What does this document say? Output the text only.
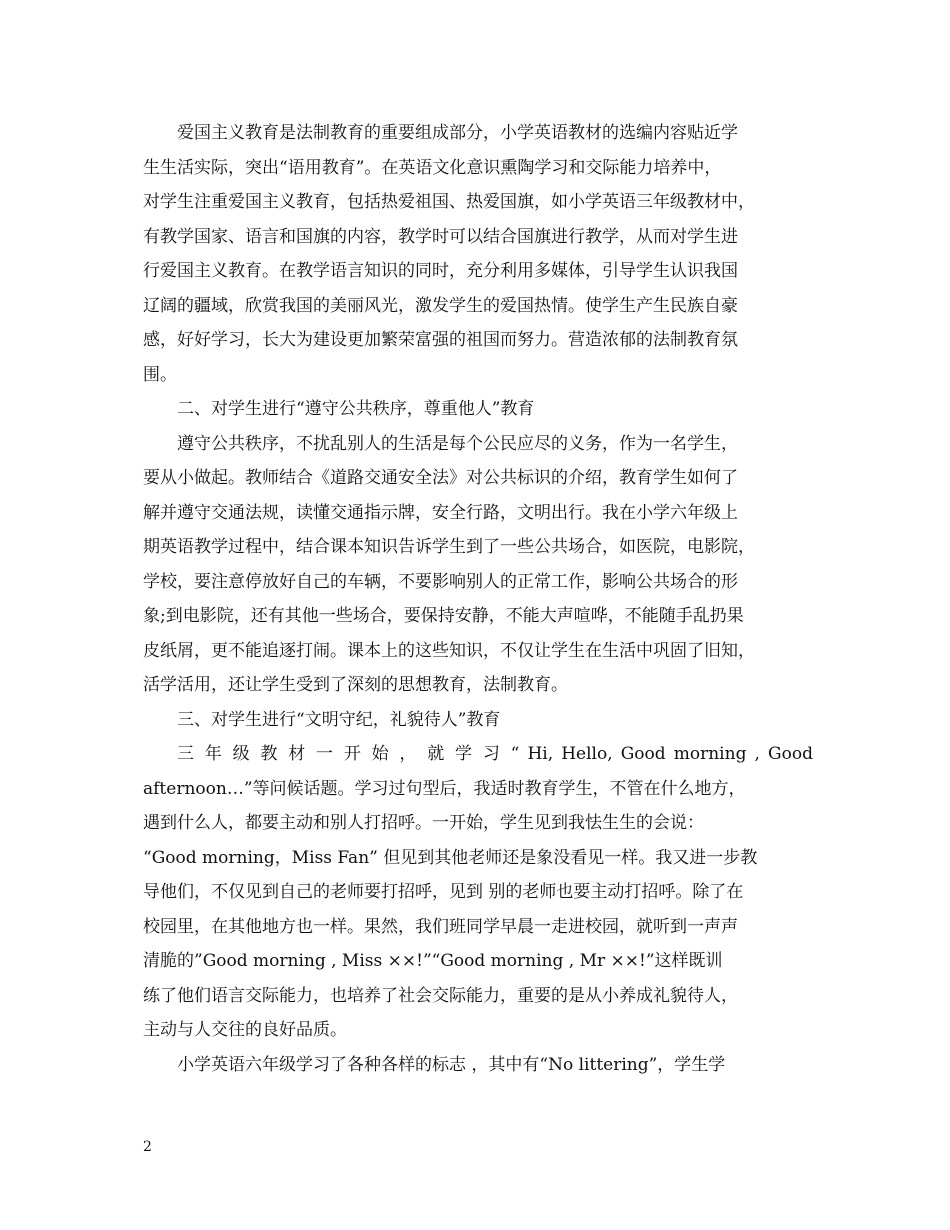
爱国主义教育是法制教育的重要组成部分，小学英语教材的选编内容贴近学
生生活实际，突出“语用教育”。在英语文化意识熏陶学习和交际能力培养中，
对学生注重爱国主义教育，包括热爱祖国、热爱国旗，如小学英语三年级教材中，
有教学国家、语言和国旗的内容，教学时可以结合国旗进行教学，从而对学生进
行爱国主义教育。在教学语言知识的同时，充分利用多媒体，引导学生认识我国
辽阔的疆域，欣赏我国的美丽风光，激发学生的爱国热情。使学生产生民族自豪
感，好好学习，长大为建设更加繁荣富强的祖国而努力。营造浓郁的法制教育氛
围。
二、对学生进行“遵守公共秩序，尊重他人”教育
遵守公共秩序，不扰乱别人的生活是每个公民应尽的义务，作为一名学生，
要从小做起。教师结合《道路交通安全法》对公共标识的介绍，教育学生如何了
解并遵守交通法规，读懂交通指示牌，安全行路，文明出行。我在小学六年级上
期英语教学过程中，结合课本知识告诉学生到了一些公共场合，如医院，电影院，
学校，要注意停放好自己的车辆，不要影响别人的正常工作，影响公共场合的形
象;到电影院，还有其他一些场合，要保持安静，不能大声喧哗，不能随手乱扔果
皮纸屑，更不能追逐打闹。课本上的这些知识，不仅让学生在生活中巩固了旧知，
活学活用，还让学生受到了深刻的思想教育，法制教育。
三、对学生进行“文明守纪，礼貌待人”教育
三 年 级 教 材 一 开 始 ， 就 学 习 “ Hi, Hello, Good morning , Good
afternoon…”等问候话题。学习过句型后，我适时教育学生，不管在什么地方，
遇到什么人，都要主动和别人打招呼。一开始，学生见到我怯生生的会说：
“Good morning，Miss Fan” 但见到其他老师还是象没看见一样。我又进一步教
导他们，不仅见到自己的老师要打招呼，见到 别的老师也要主动打招呼。除了在
校园里，在其他地方也一样。果然，我们班同学早晨一走进校园，就听到一声声
清脆的”Good morning , Miss ××!”“Good morning , Mr ××!”这样既训
练了他们语言交际能力，也培养了社会交际能力，重要的是从小养成礼貌待人，
主动与人交往的良好品质。
小学英语六年级学习了各种各样的标志 ，其中有“No littering”，学生学
2
